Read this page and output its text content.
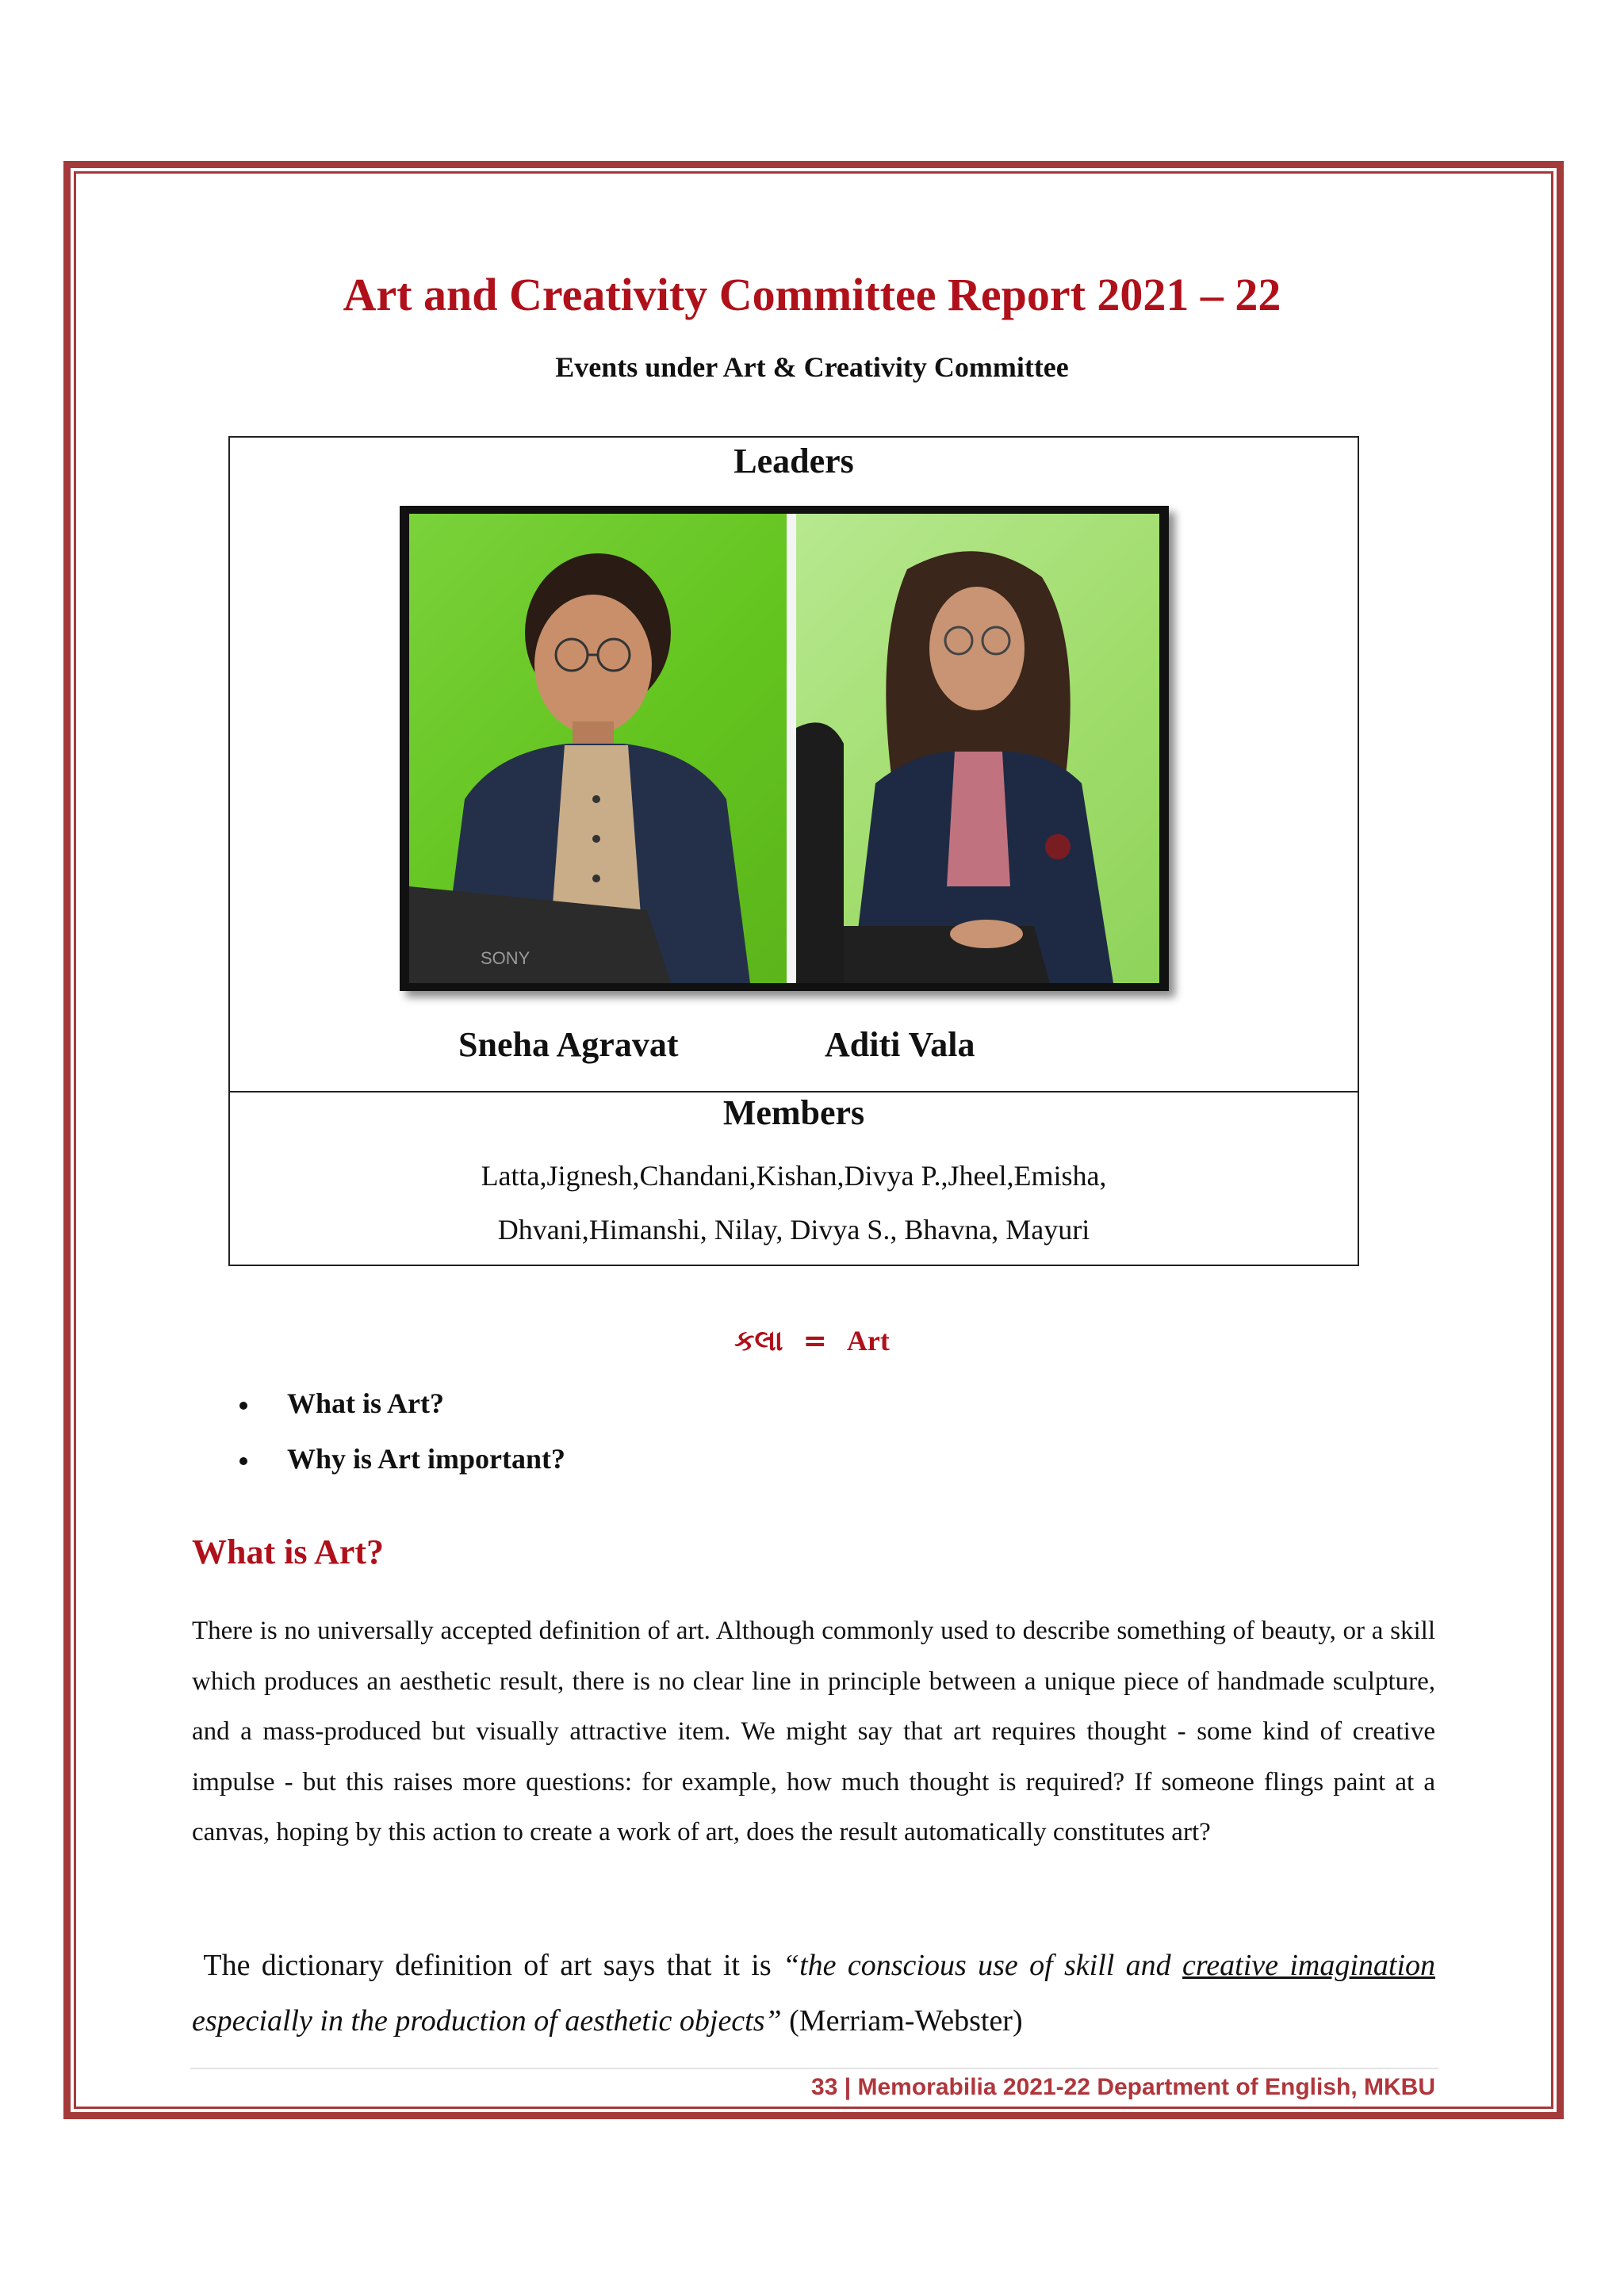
Art and Creativity Committee Report 2021 – 22
Events under Art & Creativity Committee
Leaders
SONY
Sneha Agravat	Aditi Vala
Members
Latta,Jignesh,Chandani,Kishan,Divya P.,Jheel,Emisha,
Dhvani,Himanshi, Nilay, Divya S., Bhavna, Mayuri
કલા = Art
What is Art?
Why is Art important?
What is Art?
There is no universally accepted definition of art. Although commonly used to describe something of beauty, or a skill which produces an aesthetic result, there is no clear line in principle between a unique piece of handmade sculpture, and a mass-produced but visually attractive item. We might say that art requires thought - some kind of creative impulse - but this raises more questions: for example, how much thought is required? If someone flings paint at a canvas, hoping by this action to create a work of art, does the result automatically constitutes art?
The dictionary definition of art says that it is “the conscious use of skill and creative imagination especially in the production of aesthetic objects” (Merriam-Webster)
33 | Memorabilia 2021-22 Department of English, MKBU
